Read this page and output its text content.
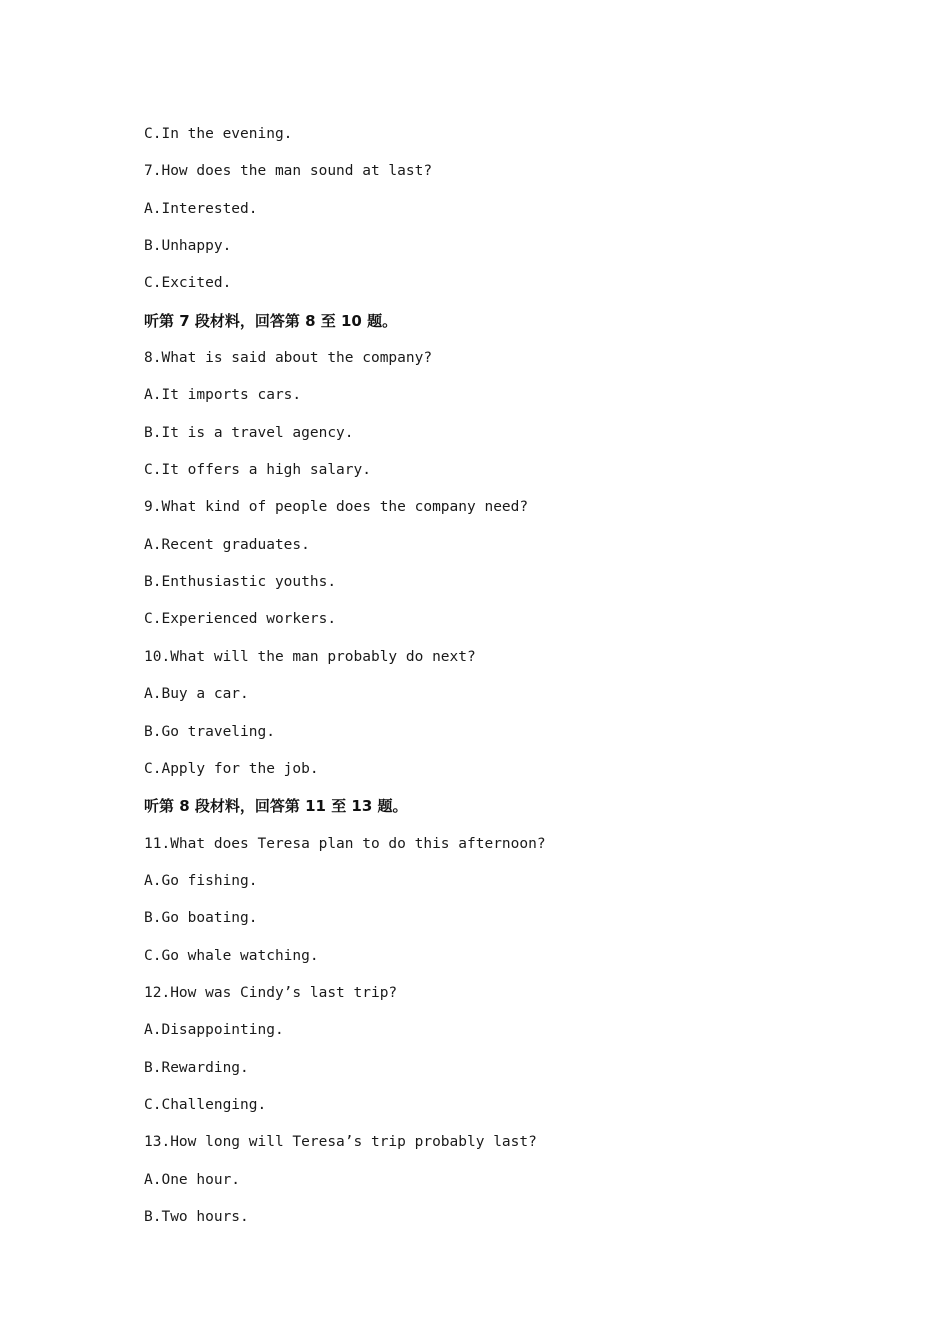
C.In the evening.
7.How does the man sound at last?
A.Interested.
B.Unhappy.
C.Excited.
听第 7 段材料，回答第 8 至 10 题。
8.What is said about the company?
A.It imports cars.
B.It is a travel agency.
C.It offers a high salary.
9.What kind of people does the company need?
A.Recent graduates.
B.Enthusiastic youths.
C.Experienced workers.
10.What will the man probably do next?
A.Buy a car.
B.Go traveling.
C.Apply for the job.
听第 8 段材料，回答第 11 至 13 题。
11.What does Teresa plan to do this afternoon?
A.Go fishing.
B.Go boating.
C.Go whale watching.
12.How was Cindy’s last trip?
A.Disappointing.
B.Rewarding.
C.Challenging.
13.How long will Teresa’s trip probably last?
A.One hour.
B.Two hours.
